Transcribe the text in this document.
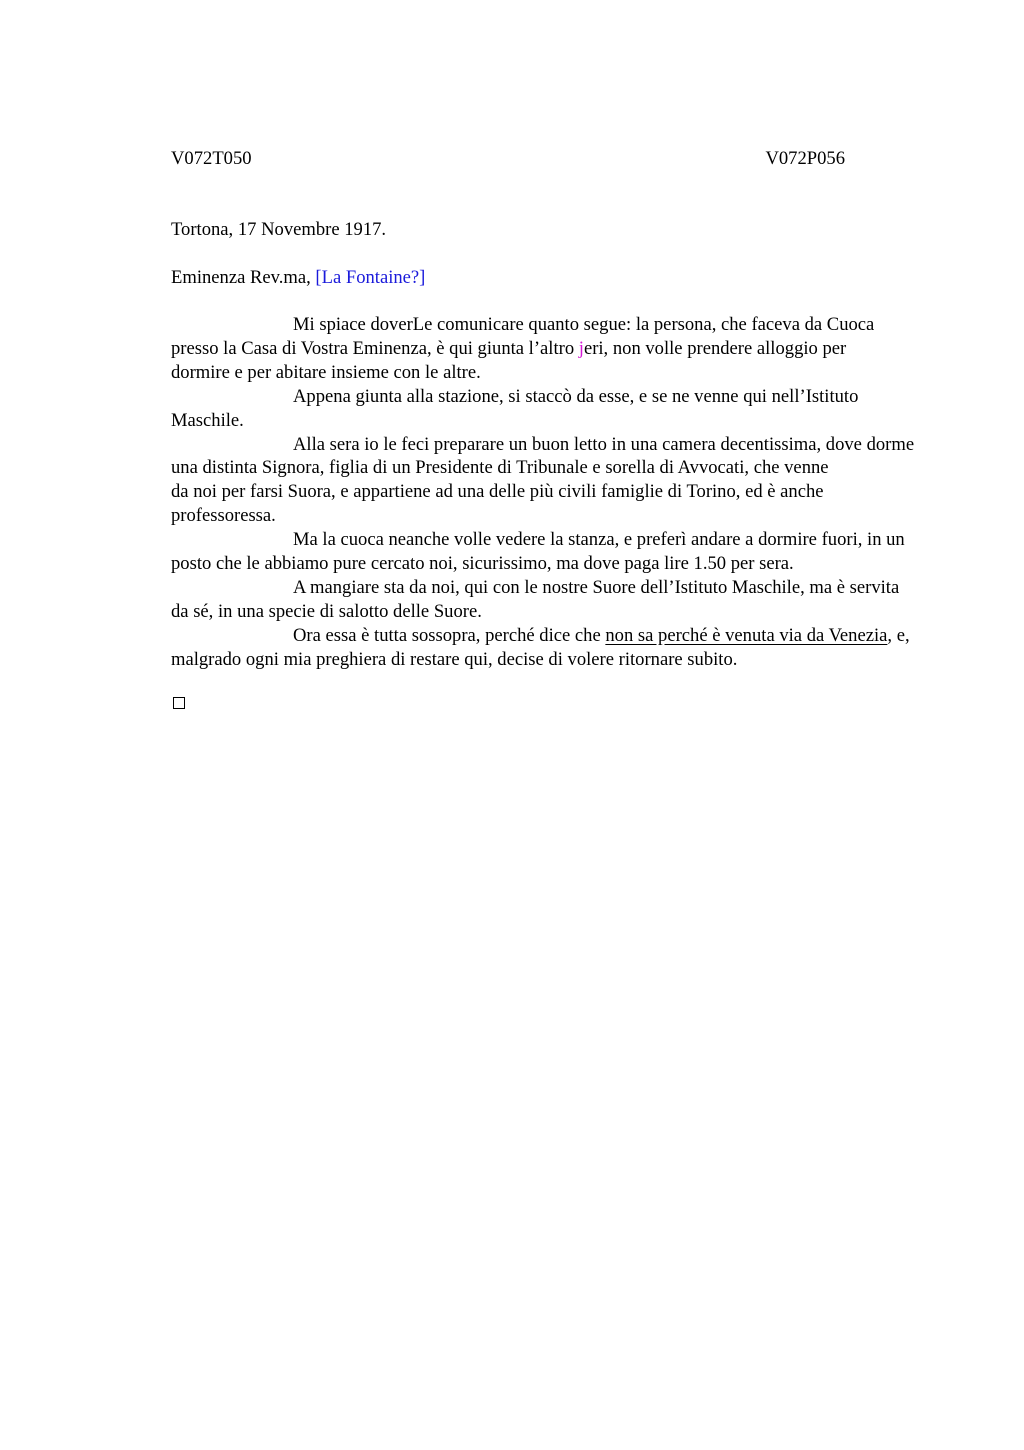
V072T050	V072P056
Tortona, 17 Novembre 1917.
Eminenza Rev.ma, [La Fontaine?]
Mi spiace doverLe comunicare quanto segue: la persona, che faceva da Cuoca
presso la Casa di Vostra Eminenza, è qui giunta l’altro jeri, non volle prendere alloggio per
dormire e per abitare insieme con le altre.
Appena giunta alla stazione, si staccò da esse, e se ne venne qui nell’Istituto
Maschile.
Alla sera io le feci preparare un buon letto in una camera decentissima, dove dorme
una distinta Signora, figlia di un Presidente di Tribunale e sorella di Avvocati, che venne
da noi per farsi Suora, e appartiene ad una delle più civili famiglie di Torino, ed è anche
professoressa.
Ma la cuoca neanche volle vedere la stanza, e preferì andare a dormire fuori, in un
posto che le abbiamo pure cercato noi, sicurissimo, ma dove paga lire 1.50 per sera.
A mangiare sta da noi, qui con le nostre Suore dell’Istituto Maschile, ma è servita
da sé, in una specie di salotto delle Suore.
Ora essa è tutta sossopra, perché dice che non sa perché è venuta via da Venezia, e,
malgrado ogni mia preghiera di restare qui, decise di volere ritornare subito.
